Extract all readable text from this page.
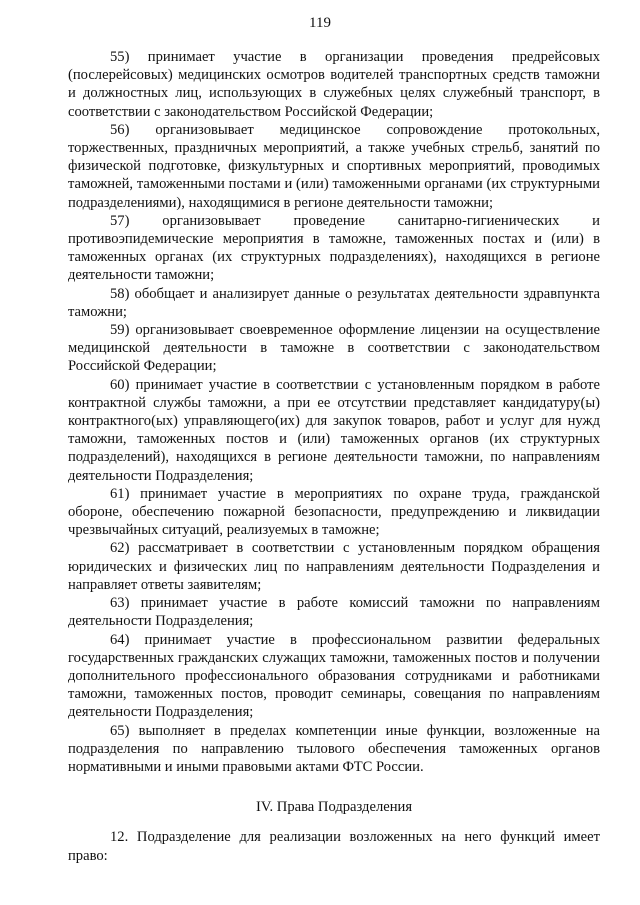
119

55) принимает участие в организации проведения предрейсовых (послерейсовых) медицинских осмотров водителей транспортных средств таможни и должностных лиц, использующих в служебных целях служебный транспорт, в соответствии с законодательством Российской Федерации;

56) организовывает медицинское сопровождение протокольных, торжественных, праздничных мероприятий, а также учебных стрельб, занятий по физической подготовке, физкультурных и спортивных мероприятий, проводимых таможней, таможенными постами и (или) таможенными органами (их структурными подразделениями), находящимися в регионе деятельности таможни;

57) организовывает проведение санитарно-гигиенических и противоэпидемические мероприятия в таможне, таможенных постах и (или) в таможенных органах (их структурных подразделениях), находящихся в регионе деятельности таможни;

58) обобщает и анализирует данные о результатах деятельности здравпункта таможни;

59) организовывает своевременное оформление лицензии на осуществление медицинской деятельности в таможне в соответствии с законодательством Российской Федерации;

60) принимает участие в соответствии с установленным порядком в работе контрактной службы таможни, а при ее отсутствии представляет кандидатуру(ы) контрактного(ых) управляющего(их) для закупок товаров, работ и услуг для нужд таможни, таможенных постов и (или) таможенных органов (их структурных подразделений), находящихся в регионе деятельности таможни, по направлениям деятельности Подразделения;

61) принимает участие в мероприятиях по охране труда, гражданской обороне, обеспечению пожарной безопасности, предупреждению и ликвидации чрезвычайных ситуаций, реализуемых в таможне;

62) рассматривает в соответствии с установленным порядком обращения юридических и физических лиц по направлениям деятельности Подразделения и направляет ответы заявителям;

63) принимает участие в работе комиссий таможни по направлениям деятельности Подразделения;

64) принимает участие в профессиональном развитии федеральных государственных гражданских служащих таможни, таможенных постов и получении дополнительного профессионального образования сотрудниками и работниками таможни, таможенных постов, проводит семинары, совещания по направлениям деятельности Подразделения;

65) выполняет в пределах компетенции иные функции, возложенные на подразделения по направлению тылового обеспечения таможенных органов нормативными и иными правовыми актами ФТС России.

IV. Права Подразделения

12. Подразделение для реализации возложенных на него функций имеет право:
